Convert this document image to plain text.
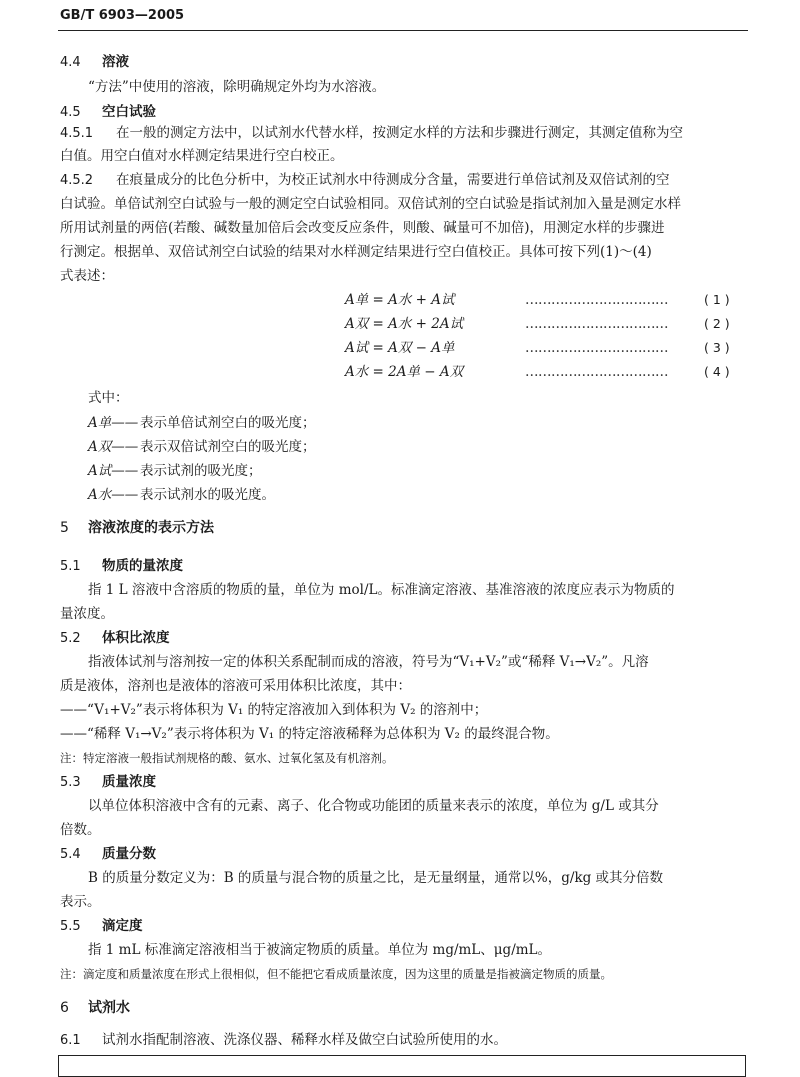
GB/T 6903—2005
4.4 溶液
“方法”中使用的溶液，除明确规定外均为水溶液。
4.5 空白试验
4.5.1 在一般的测定方法中，以试剂水代替水样，按测定水样的方法和步骤进行测定，其测定值称为空
白值。用空白值对水样测定结果进行空白校正。
4.5.2 在痕量成分的比色分析中，为校正试剂水中待测成分含量，需要进行单倍试剂及双倍试剂的空
白试验。单倍试剂空白试验与一般的测定空白试验相同。双倍试剂的空白试验是指试剂加入量是测定水样
所用试剂量的两倍(若酸、碱数量加倍后会改变反应条件，则酸、碱量可不加倍)，用测定水样的步骤进
行测定。根据单、双倍试剂空白试验的结果对水样测定结果进行空白值校正。具体可按下列(1)～(4)
式表述：
A单 = A水 + A试	……………………………	( 1 )
A双 = A水 + 2A试	……………………………	( 2 )
A试 = A双 − A单	……………………………	( 3 )
A水 = 2A单 − A双	……………………………	( 4 )
式中：
A单—— 表示单倍试剂空白的吸光度；
A双—— 表示双倍试剂空白的吸光度；
A试—— 表示试剂的吸光度；
A水—— 表示试剂水的吸光度。
5 溶液浓度的表示方法
5.1 物质的量浓度
指 1 L 溶液中含溶质的物质的量，单位为 mol/L。标准滴定溶液、基准溶液的浓度应表示为物质的
量浓度。
5.2 体积比浓度
指液体试剂与溶剂按一定的体积关系配制而成的溶液，符号为“V₁+V₂”或“稀释 V₁→V₂”。凡溶
质是液体，溶剂也是液体的溶液可采用体积比浓度，其中：
——“V₁+V₂”表示将体积为 V₁ 的特定溶液加入到体积为 V₂ 的溶剂中；
——“稀释 V₁→V₂”表示将体积为 V₁ 的特定溶液稀释为总体积为 V₂ 的最终混合物。
注：特定溶液一般指试剂规格的酸、氨水、过氧化氢及有机溶剂。
5.3 质量浓度
以单位体积溶液中含有的元素、离子、化合物或功能团的质量来表示的浓度，单位为 g/L 或其分
倍数。
5.4 质量分数
B 的质量分数定义为：B 的质量与混合物的质量之比，是无量纲量，通常以%，g/kg 或其分倍数
表示。
5.5 滴定度
指 1 mL 标准滴定溶液相当于被滴定物质的质量。单位为 mg/mL、μg/mL。
注：滴定度和质量浓度在形式上很相似，但不能把它看成质量浓度，因为这里的质量是指被滴定物质的质量。
6 试剂水
6.1 试剂水指配制溶液、洗涤仪器、稀释水样及做空白试验所使用的水。
